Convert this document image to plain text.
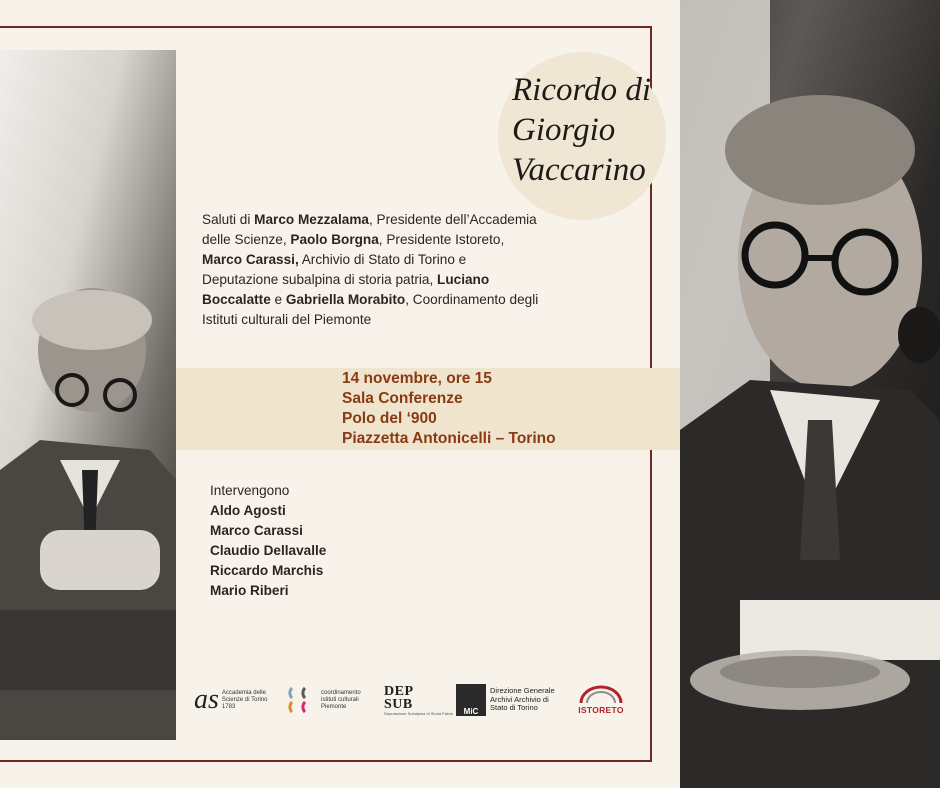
Ricordo di
Giorgio
Vaccarino
Saluti di Marco Mezzalama, Presidente dell’Accademia delle Scienze, Paolo Borgna, Presidente Istoreto, Marco Carassi, Archivio di Stato di Torino e Deputazione subalpina di storia patria, Luciano Boccalatte e Gabriella Morabito, Coordinamento degli Istituti culturali del Piemonte
14 novembre, ore 15
Sala Conferenze
Polo del ‘900
Piazzetta Antonicelli – Torino
Intervengono
Aldo Agosti
Marco Carassi
Claudio Dellavalle
Riccardo Marchis
Mario Riberi
as Accademia delle Scienze di Torino 1783
coordinamento istituti culturali Piemonte
DEP
SUB
Deputazione Subalpina di Storia Patria	MiC
Direzione Generale Archivi Archivio di Stato di Torino	ISTORETO
